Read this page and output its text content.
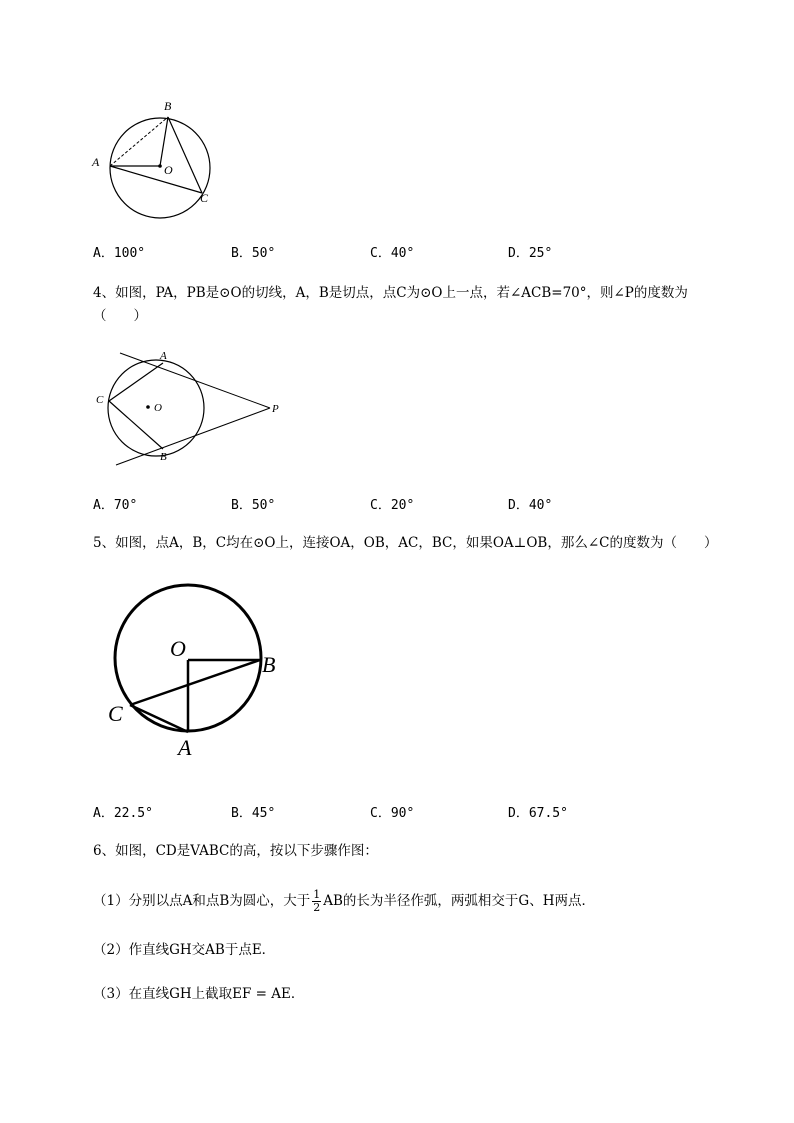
A
B
O
C
A．100°	B．50°	C．40°	D．25°
4、如图，PA，PB是⊙O的切线，A，B是切点，点C为⊙O上一点，若∠ACB=70°，则∠P的度数为
（　　）
A
C
O	P
B
A．70°	B．50°	C．20°	D．40°
5、如图，点A，B，C均在⊙O上，连接OA，OB，AC，BC，如果OA⊥OB，那么∠C的度数为（　　）
O
B
C
A
A．22.5°	B．45°	C．90°	D．67.5°
6、如图，CD是VABC的高，按以下步骤作图：
（1）分别以点A和点B为圆心，大于 $\frac{1}{2}$ AB的长为半径作弧，两弧相交于G、H两点．
（2）作直线GH交AB于点E．
（3）在直线GH上截取EF = AE．
